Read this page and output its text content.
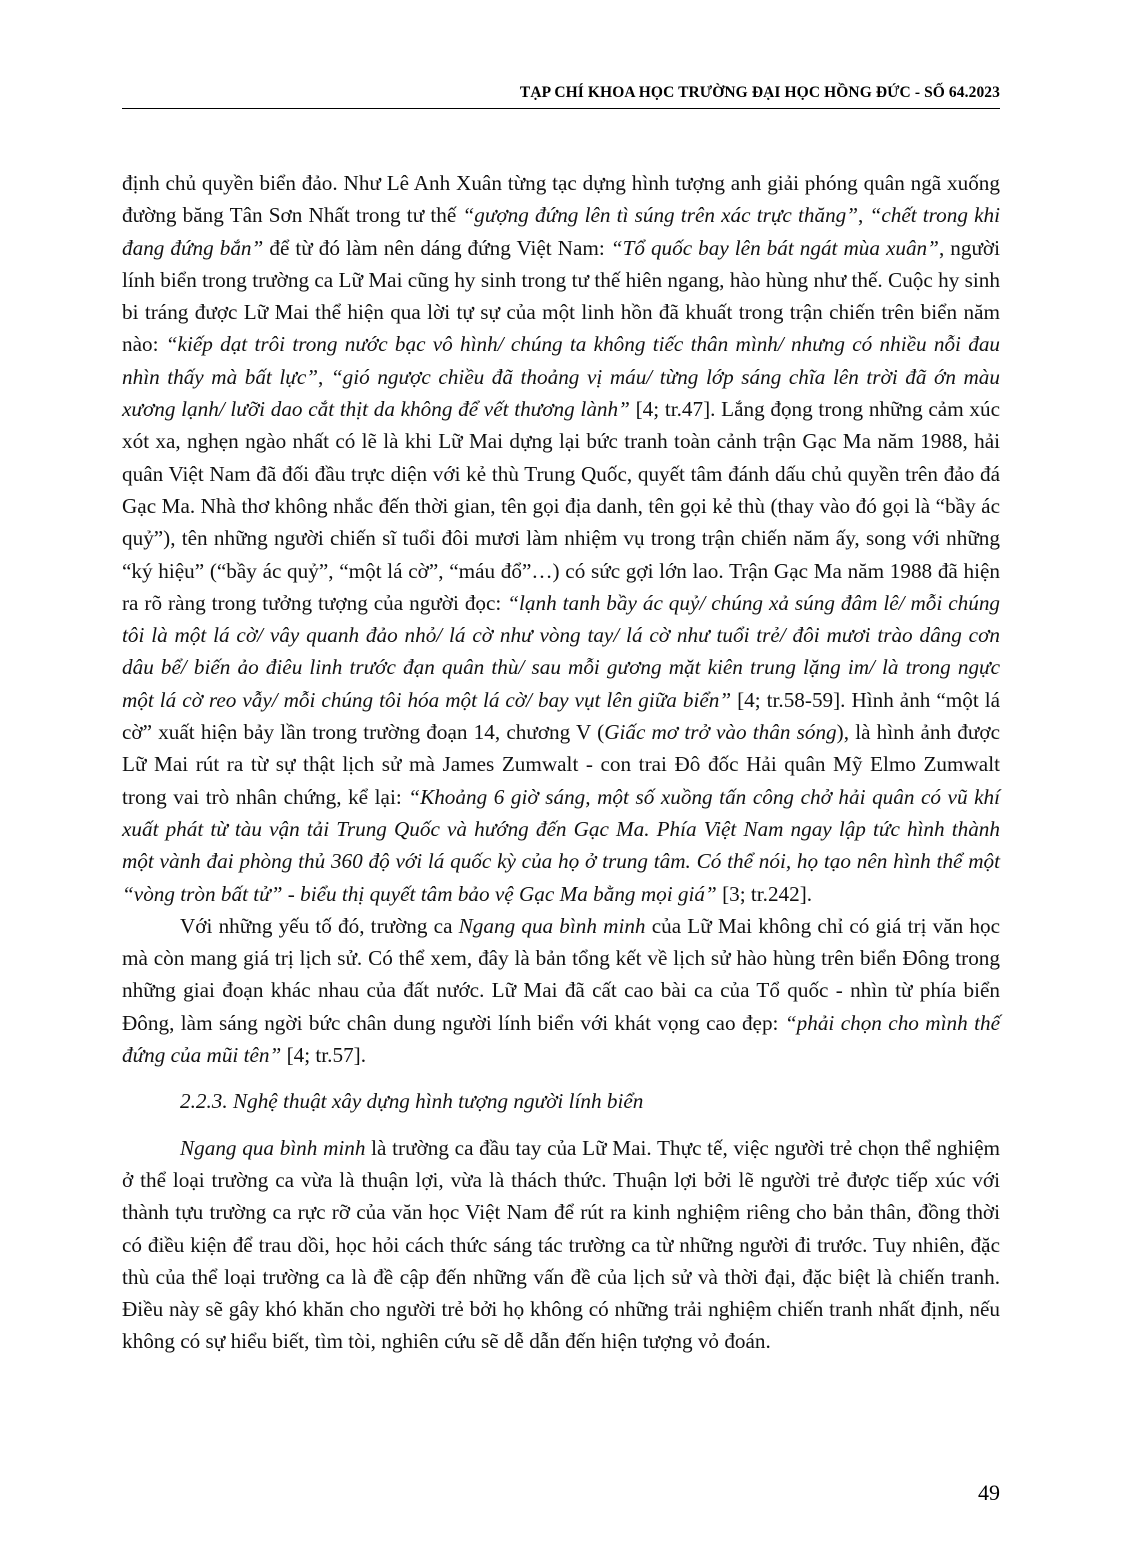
TẠP CHÍ KHOA HỌC TRƯỜNG ĐẠI HỌC HỒNG ĐỨC - SỐ 64.2023

định chủ quyền biển đảo. Như Lê Anh Xuân từng tạc dựng hình tượng anh giải phóng quân ngã xuống đường băng Tân Sơn Nhất trong tư thế “gượng đứng lên tì súng trên xác trực thăng”, “chết trong khi đang đứng bắn” để từ đó làm nên dáng đứng Việt Nam: “Tổ quốc bay lên bát ngát mùa xuân”, người lính biển trong trường ca Lữ Mai cũng hy sinh trong tư thế hiên ngang, hào hùng như thế. Cuộc hy sinh bi tráng được Lữ Mai thể hiện qua lời tự sự của một linh hồn đã khuất trong trận chiến trên biển năm nào: “kiếp dạt trôi trong nước bạc vô hình/ chúng ta không tiếc thân mình/ nhưng có nhiều nỗi đau nhìn thấy mà bất lực”, “gió ngược chiều đã thoảng vị máu/ từng lớp sáng chĩa lên trời đã ớn màu xương lạnh/ lưỡi dao cắt thịt da không để vết thương lành” [4; tr.47]. Lắng đọng trong những cảm xúc xót xa, nghẹn ngào nhất có lẽ là khi Lữ Mai dựng lại bức tranh toàn cảnh trận Gạc Ma năm 1988, hải quân Việt Nam đã đối đầu trực diện với kẻ thù Trung Quốc, quyết tâm đánh dấu chủ quyền trên đảo đá Gạc Ma. Nhà thơ không nhắc đến thời gian, tên gọi địa danh, tên gọi kẻ thù (thay vào đó gọi là “bầy ác quỷ”), tên những người chiến sĩ tuổi đôi mươi làm nhiệm vụ trong trận chiến năm ấy, song với những “ký hiệu” (“bầy ác quỷ”, “một lá cờ”, “máu đổ”…) có sức gợi lớn lao. Trận Gạc Ma năm 1988 đã hiện ra rõ ràng trong tưởng tượng của người đọc: “lạnh tanh bầy ác quỷ/ chúng xả súng đâm lê/ mỗi chúng tôi là một lá cờ/ vây quanh đảo nhỏ/ lá cờ như vòng tay/ lá cờ như tuổi trẻ/ đôi mươi trào dâng cơn dâu bể/ biến ảo điêu linh trước đạn quân thù/ sau mỗi gương mặt kiên trung lặng im/ là trong ngực một lá cờ reo vẫy/ mỗi chúng tôi hóa một lá cờ/ bay vụt lên giữa biển” [4; tr.58-59]. Hình ảnh “một lá cờ” xuất hiện bảy lần trong trường đoạn 14, chương V (Giấc mơ trở vào thân sóng), là hình ảnh được Lữ Mai rút ra từ sự thật lịch sử mà James Zumwalt - con trai Đô đốc Hải quân Mỹ Elmo Zumwalt trong vai trò nhân chứng, kể lại: “Khoảng 6 giờ sáng, một số xuồng tấn công chở hải quân có vũ khí xuất phát từ tàu vận tải Trung Quốc và hướng đến Gạc Ma. Phía Việt Nam ngay lập tức hình thành một vành đai phòng thủ 360 độ với lá quốc kỳ của họ ở trung tâm. Có thể nói, họ tạo nên hình thể một “vòng tròn bất tử” - biểu thị quyết tâm bảo vệ Gạc Ma bằng mọi giá” [3; tr.242].

Với những yếu tố đó, trường ca Ngang qua bình minh của Lữ Mai không chỉ có giá trị văn học mà còn mang giá trị lịch sử. Có thể xem, đây là bản tổng kết về lịch sử hào hùng trên biển Đông trong những giai đoạn khác nhau của đất nước. Lữ Mai đã cất cao bài ca của Tổ quốc - nhìn từ phía biển Đông, làm sáng ngời bức chân dung người lính biển với khát vọng cao đẹp: “phải chọn cho mình thế đứng của mũi tên” [4; tr.57].

2.2.3. Nghệ thuật xây dựng hình tượng người lính biển

Ngang qua bình minh là trường ca đầu tay của Lữ Mai. Thực tế, việc người trẻ chọn thể nghiệm ở thể loại trường ca vừa là thuận lợi, vừa là thách thức. Thuận lợi bởi lẽ người trẻ được tiếp xúc với thành tựu trường ca rực rỡ của văn học Việt Nam để rút ra kinh nghiệm riêng cho bản thân, đồng thời có điều kiện để trau dồi, học hỏi cách thức sáng tác trường ca từ những người đi trước. Tuy nhiên, đặc thù của thể loại trường ca là đề cập đến những vấn đề của lịch sử và thời đại, đặc biệt là chiến tranh. Điều này sẽ gây khó khăn cho người trẻ bởi họ không có những trải nghiệm chiến tranh nhất định, nếu không có sự hiểu biết, tìm tòi, nghiên cứu sẽ dễ dẫn đến hiện tượng vỏ đoán.

49
